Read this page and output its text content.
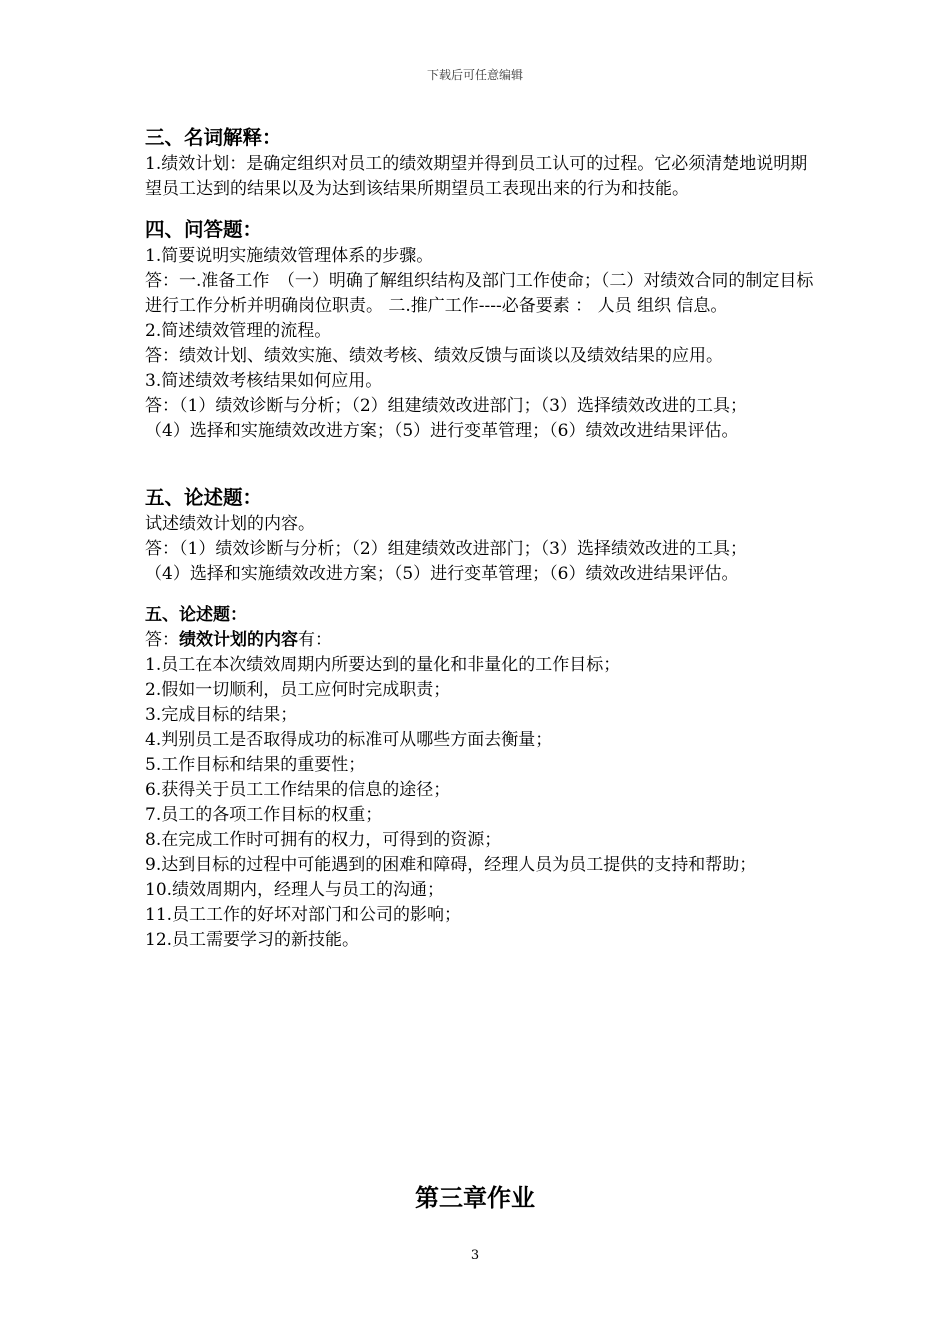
下载后可任意编辑

三、名词解释：

1.绩效计划：是确定组织对员工的绩效期望并得到员工认可的过程。它必须清楚地说明期望员工达到的结果以及为达到该结果所期望员工表现出来的行为和技能。

四、问答题：

1.简要说明实施绩效管理体系的步骤。

答：一.准备工作　（一）明确了解组织结构及部门工作使命；（二）对绩效合同的制定目标进行工作分析并明确岗位职责。 二.推广工作----必备要素 ： 人员 组织 信息。

2.简述绩效管理的流程。

答：绩效计划、绩效实施、绩效考核、绩效反馈与面谈以及绩效结果的应用。

3.简述绩效考核结果如何应用。

答：（1）绩效诊断与分析；（2）组建绩效改进部门；（3）选择绩效改进的工具；

（4）选择和实施绩效改进方案；（5）进行变革管理；（6）绩效改进结果评估。

五、论述题：

试述绩效计划的内容。

答：（1）绩效诊断与分析；（2）组建绩效改进部门；（3）选择绩效改进的工具；

（4）选择和实施绩效改进方案；（5）进行变革管理；（6）绩效改进结果评估。

五、论述题：

答：绩效计划的内容有：

1.员工在本次绩效周期内所要达到的量化和非量化的工作目标；

2.假如一切顺利，员工应何时完成职责；

3.完成目标的结果；

4.判别员工是否取得成功的标准可从哪些方面去衡量；

5.工作目标和结果的重要性；

6.获得关于员工工作结果的信息的途径；

7.员工的各项工作目标的权重；

8.在完成工作时可拥有的权力，可得到的资源；

9.达到目标的过程中可能遇到的困难和障碍，经理人员为员工提供的支持和帮助；

10.绩效周期内，经理人与员工的沟通；

11.员工工作的好坏对部门和公司的影响；

12.员工需要学习的新技能。

第三章作业
3
